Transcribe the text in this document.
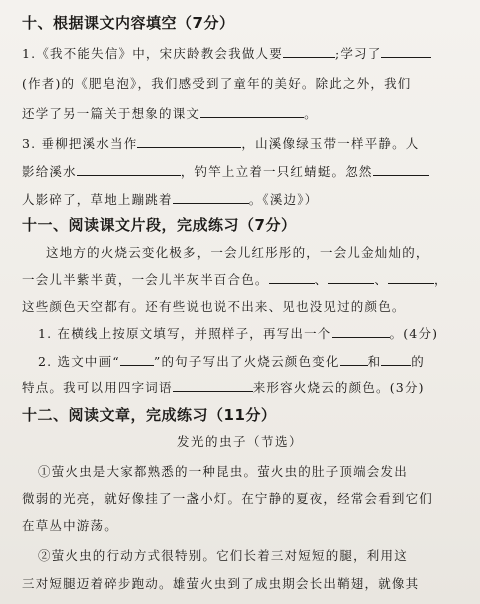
十、根据课文内容填空（7分）
1.《我不能失信》中，宋庆龄教会我做人要	;学习了
(作者)的《肥皂泡》，我们感受到了童年的美好。除此之外，我们
还学了另一篇关于想象的课文	。
3. 垂柳把溪水当作	，山溪像绿玉带一样平静。人
影给溪水	，钓竿上立着一只红蜻蜓。忽然
人影碎了，草地上蹦跳着	。《溪边》）
十一、阅读课文片段，完成练习（7分）
这地方的火烧云变化极多，一会儿红彤彤的，一会儿金灿灿的，
一会儿半紫半黄，一会儿半灰半百合色。	、	、	，
这些颜色天空都有。还有些说也说不出来、见也没见过的颜色。
1. 在横线上按原文填写，并照样子，再写出一个	。(4分)
2. 选文中画“	”的句子写出了火烧云颜色变化 和 的
特点。我可以用四字词语	来形容火烧云的颜色。(3分)
十二、阅读文章，完成练习（11分）
发光的虫子（节选）
①萤火虫是大家都熟悉的一种昆虫。萤火虫的肚子顶端会发出
微弱的光亮，就好像挂了一盏小灯。在宁静的夏夜，经常会看到它们
在草丛中游荡。
②萤火虫的行动方式很特别。它们长着三对短短的腿，利用这
三对短腿迈着碎步跑动。雄萤火虫到了成虫期会长出鞘翅，就像其
